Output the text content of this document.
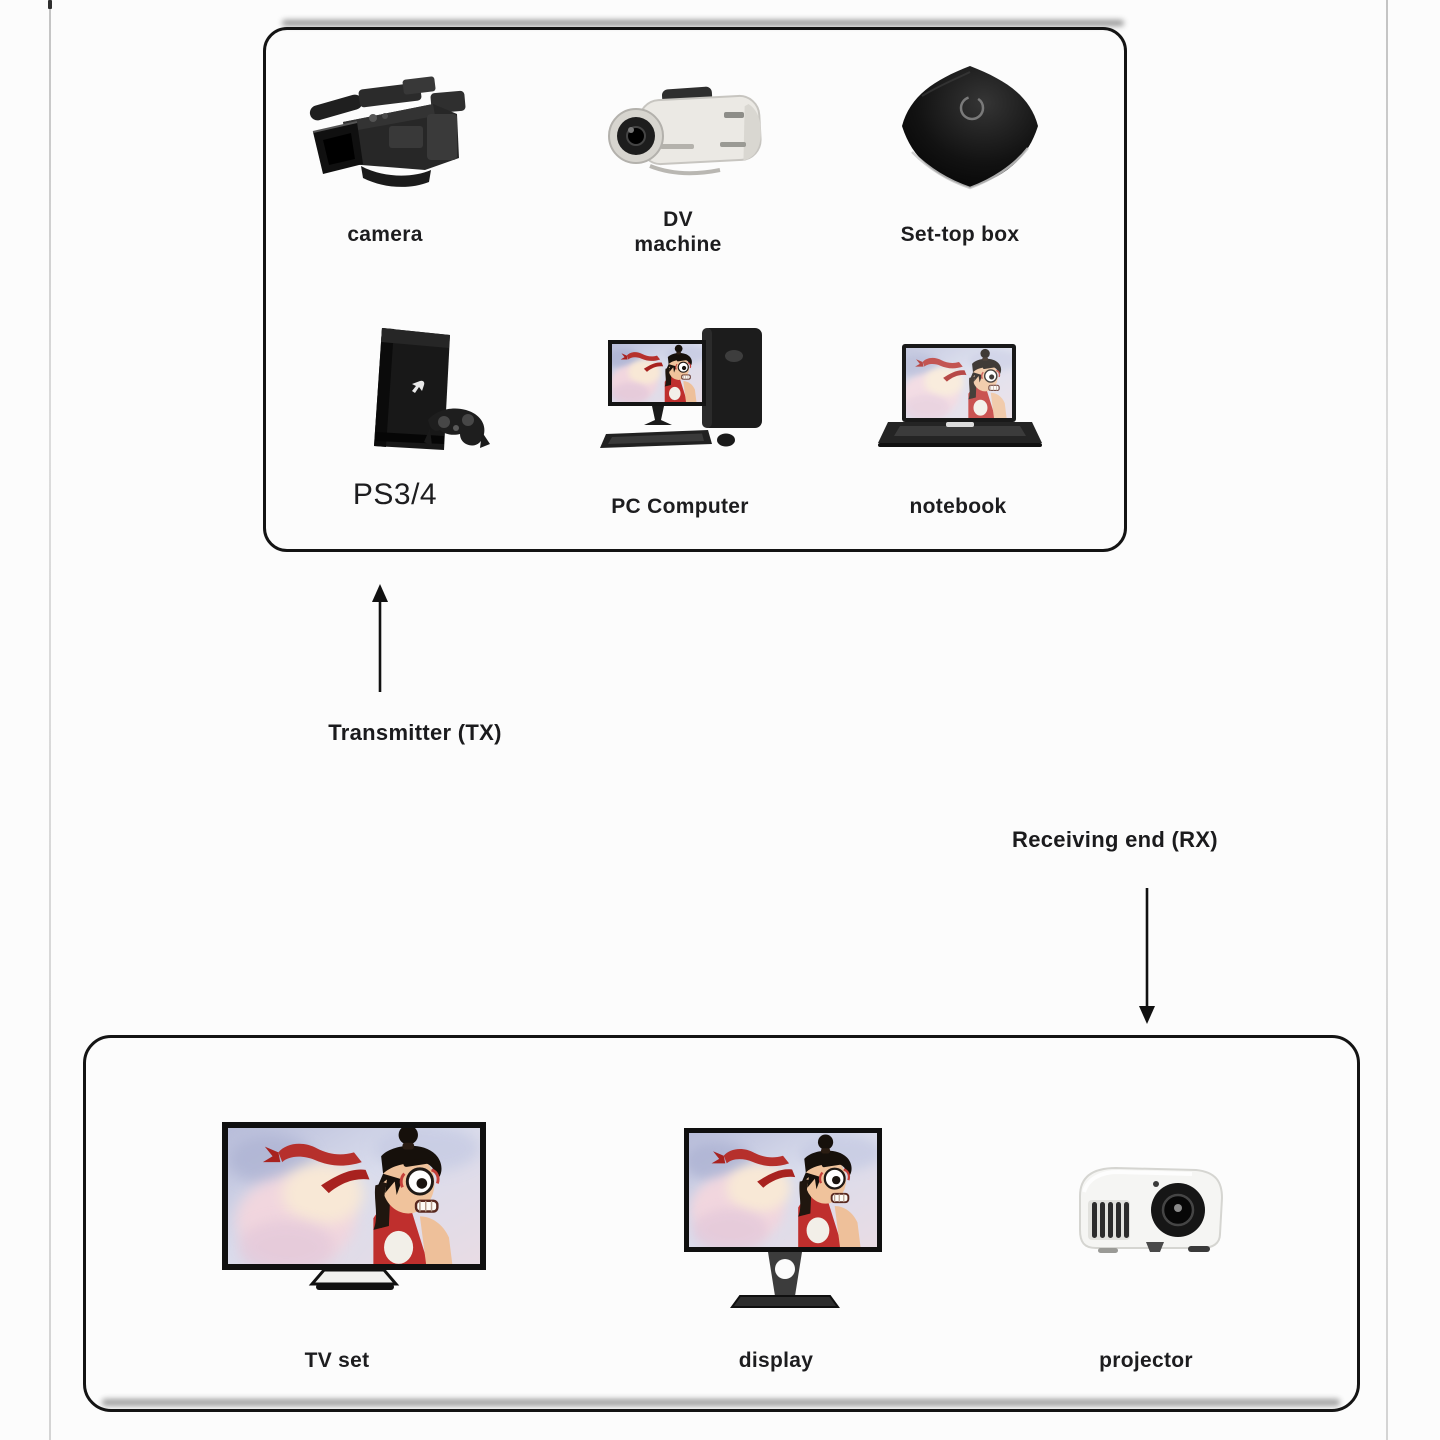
camera
DV machine	Set-top box
PS3/4	PC Computer	notebook
Transmitter (TX)
Receiving end (RX)
TV set	display	projector
